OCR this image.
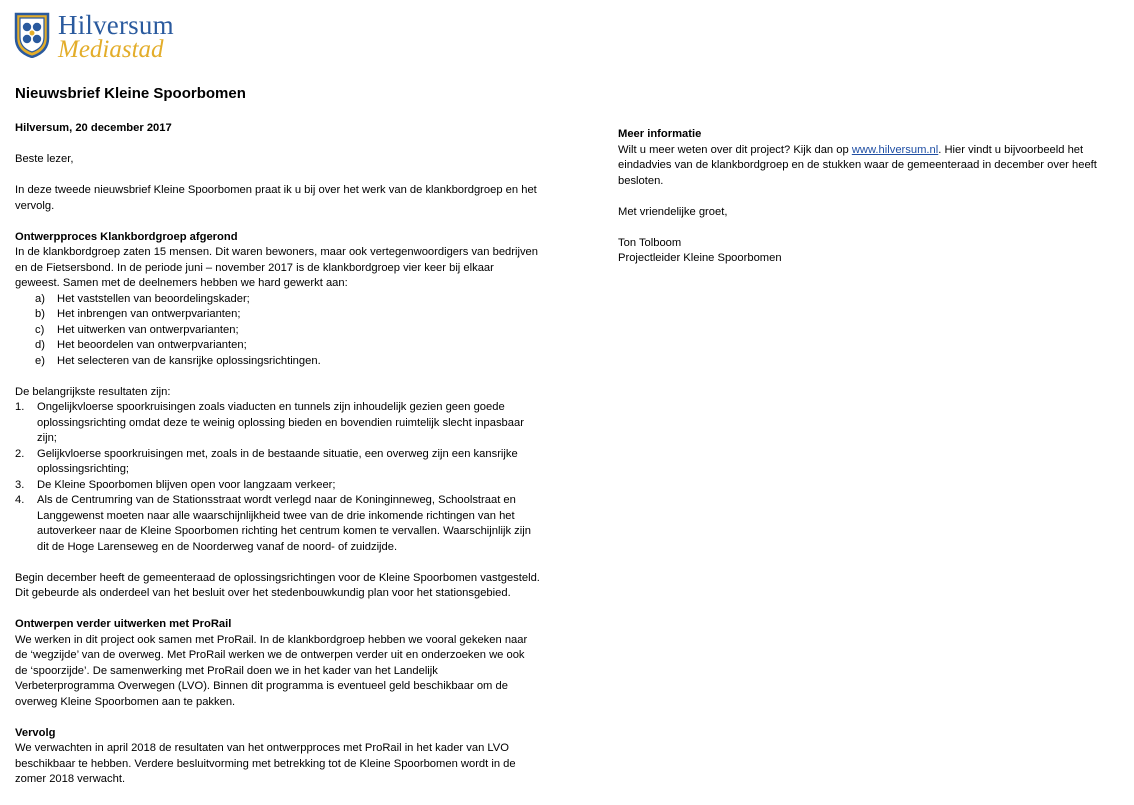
Hilversum
Mediastad
Nieuwsbrief Kleine Spoorbomen

Hilversum, 20 december 2017

Beste lezer,

In deze tweede nieuwsbrief Kleine Spoorbomen praat ik u bij over het werk van de klankbordgroep en het vervolg.

Ontwerpproces Klankbordgroep afgerond

In de klankbordgroep zaten 15 mensen. Dit waren bewoners, maar ook vertegenwoordigers van bedrijven en de Fietsersbond. In de periode juni – november 2017 is de klankbordgroep vier keer bij elkaar geweest. Samen met de deelnemers hebben we hard gewerkt aan:

a)	Het vaststellen van beoordelingskader;
b)	Het inbrengen van ontwerpvarianten;
c)	Het uitwerken van ontwerpvarianten;
d)	Het beoordelen van ontwerpvarianten;
e)	Het selecteren van de kansrijke oplossingsrichtingen.

De belangrijkste resultaten zijn:

1.	Ongelijkvloerse spoorkruisingen zoals viaducten en tunnels zijn inhoudelijk gezien geen goede oplossingsrichting omdat deze te weinig oplossing bieden en bovendien ruimtelijk slecht inpasbaar zijn;
2.	Gelijkvloerse spoorkruisingen met, zoals in de bestaande situatie, een overweg zijn een kansrijke oplossingsrichting;
3.	De Kleine Spoorbomen blijven open voor langzaam verkeer;
4.	Als de Centrumring van de Stationsstraat wordt verlegd naar de Koninginneweg, Schoolstraat en Langgewenst moeten naar alle waarschijnlijkheid twee van de drie inkomende richtingen van het autoverkeer naar de Kleine Spoorbomen richting het centrum komen te vervallen. Waarschijnlijk zijn dit de Hoge Larenseweg en de Noorderweg vanaf de noord- of zuidzijde.

Begin december heeft de gemeenteraad de oplossingsrichtingen voor de Kleine Spoorbomen vastgesteld. Dit gebeurde als onderdeel van het besluit over het stedenbouwkundig plan voor het stationsgebied.

Ontwerpen verder uitwerken met ProRail

We werken in dit project ook samen met ProRail. In de klankbordgroep hebben we vooral gekeken naar de ‘wegzijde’ van de overweg. Met ProRail werken we de ontwerpen verder uit en onderzoeken we ook de ‘spoorzijde’. De samenwerking met ProRail doen we in het kader van het Landelijk Verbeterprogramma Overwegen (LVO). Binnen dit programma is eventueel geld beschikbaar om de overweg Kleine Spoorbomen aan te pakken.

Vervolg

We verwachten in april 2018 de resultaten van het ontwerpproces met ProRail in het kader van LVO beschikbaar te hebben. Verdere besluitvorming met betrekking tot de Kleine Spoorbomen wordt in de zomer 2018 verwacht.

Meer informatie

Wilt u meer weten over dit project? Kijk dan op www.hilversum.nl. Hier vindt u bijvoorbeeld het eindadvies van de klankbordgroep en de stukken waar de gemeenteraad in december over heeft besloten.

Met vriendelijke groet,

Ton Tolboom

Projectleider Kleine Spoorbomen
